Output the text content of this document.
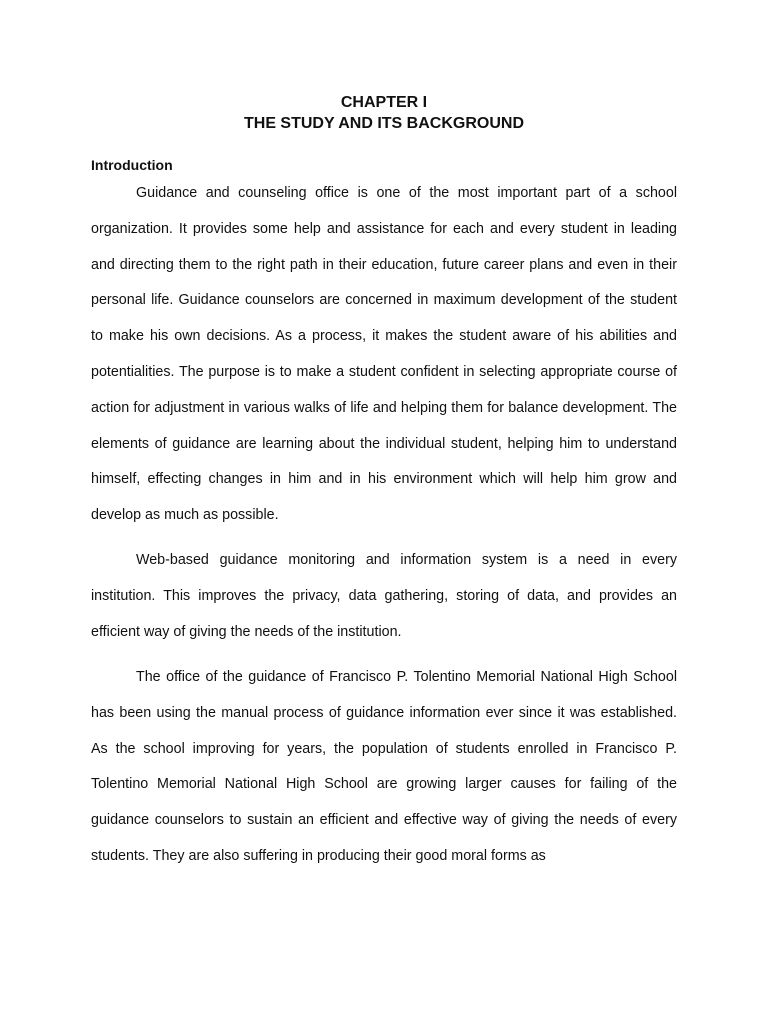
CHAPTER I
THE STUDY AND ITS BACKGROUND
Introduction

Guidance and counseling office is one of the most important part of a school organization. It provides some help and assistance for each and every student in leading and directing them to the right path in their education, future career plans and even in their personal life. Guidance counselors are concerned in maximum development of the student to make his own decisions. As a process, it makes the student aware of his abilities and potentialities. The purpose is to make a student confident in selecting appropriate course of action for adjustment in various walks of life and helping them for balance development. The elements of guidance are learning about the individual student, helping him to understand himself, effecting changes in him and in his environment which will help him grow and develop as much as possible.

Web-based guidance monitoring and information system is a need in every institution. This improves the privacy, data gathering, storing of data, and provides an efficient way of giving the needs of the institution.

The office of the guidance of Francisco P. Tolentino Memorial National High School has been using the manual process of guidance information ever since it was established. As the school improving for years, the population of students enrolled in Francisco P. Tolentino Memorial National High School are growing larger causes for failing of the guidance counselors to sustain an efficient and effective way of giving the needs of every students. They are also suffering in producing their good moral forms as
